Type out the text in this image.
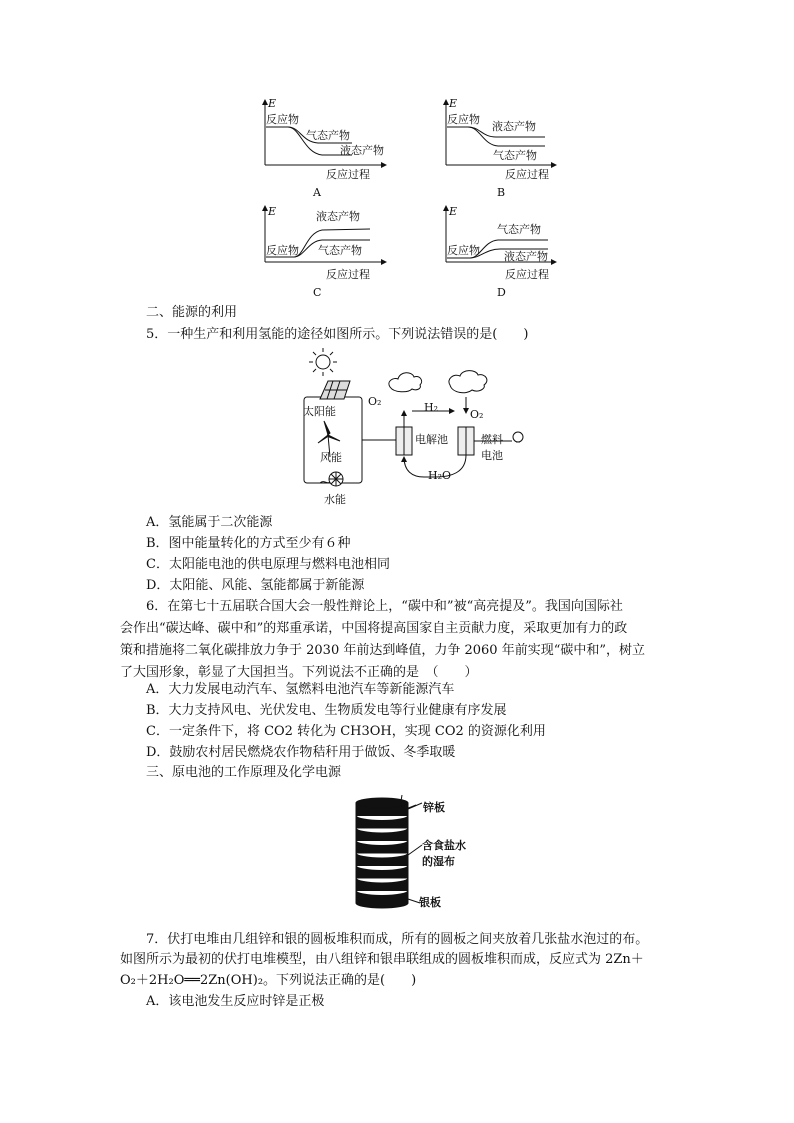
E
反应物
气态产物
液态产物
反应过程
A
E
反应物
液态产物
气态产物
反应过程
B
E	液态产物
反应物 气态产物
反应过程
C
E
气态产物
反应物 液态产物
反应过程
D
二、能源的利用
5．一种生产和利用氢能的途径如图所示。下列说法错误的是(　　)
太阳能
风能
水能
O₂	H₂
O₂
电解池	燃料
电池
H₂O
A．氢能属于二次能源
B．图中能量转化的方式至少有６种
C．太阳能电池的供电原理与燃料电池相同
D．太阳能、风能、氢能都属于新能源
6．在第七十五届联合国大会一般性辩论上，“碳中和”被“高亮提及”。我国向国际社
会作出“碳达峰、碳中和”的郑重承诺，中国将提高国家自主贡献力度，采取更加有力的政
策和措施将二氧化碳排放力争于 2030 年前达到峰值，力争 2060 年前实现“碳中和”，树立
了大国形象，彰显了大国担当。下列说法不正确的是　（　　）
A．大力发展电动汽车、氢燃料电池汽车等新能源汽车
B．大力支持风电、光伏发电、生物质发电等行业健康有序发展
C．一定条件下，将 CO2 转化为 CH3OH，实现 CO2 的资源化利用
D．鼓励农村居民燃烧农作物秸秆用于做饭、冬季取暖
三、原电池的工作原理及化学电源
锌板
含食盐水
的湿布
银板
7．伏打电堆由几组锌和银的圆板堆积而成，所有的圆板之间夹放着几张盐水泡过的布。
如图所示为最初的伏打电堆模型，由八组锌和银串联组成的圆板堆积而成，反应式为 2Zn＋
O₂＋2H₂O══2Zn(OH)₂。下列说法正确的是(　　)
A．该电池发生反应时锌是正极
